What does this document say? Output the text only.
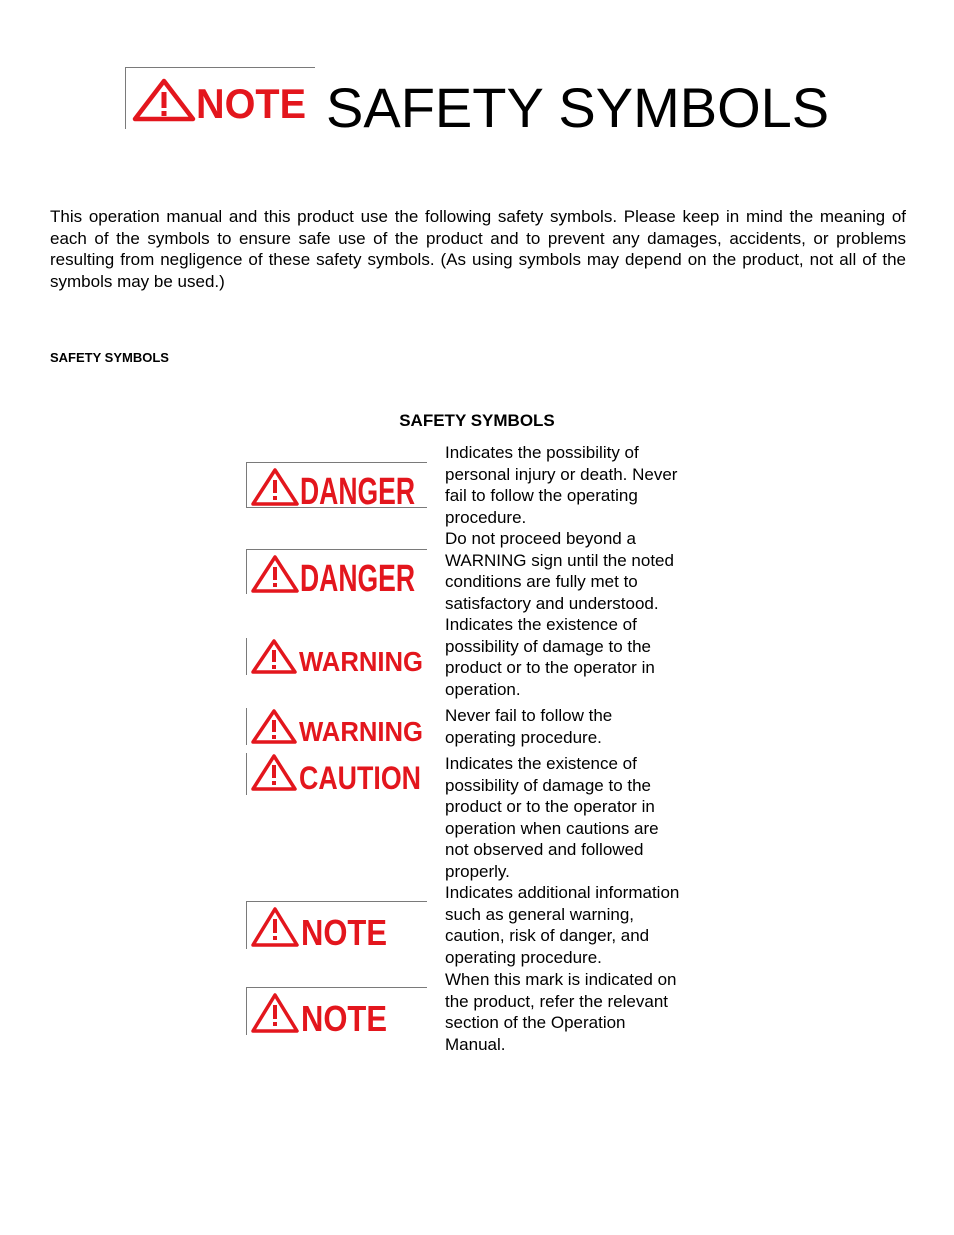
NOTE SAFETY SYMBOLS
This operation manual and this product use the following safety symbols. Please keep in mind the meaning of each of the symbols to ensure safe use of the product and to prevent any damages, accidents, or problems resulting from negligence of these safety symbols. (As using symbols may depend on the product, not all of the symbols may be used.)
SAFETY SYMBOLS
SAFETY SYMBOLS
DANGER
Indicates the possibility of
personal injury or death. Never
fail to follow the operating
procedure.
DANGER
Do not proceed beyond a
WARNING sign until the noted
conditions are fully met to
satisfactory and understood.
WARNING
Indicates the existence of
possibility of damage to the
product or to the operator in
operation.
WARNING
Never fail to follow the
operating procedure.
CAUTION Indicates the existence of
possibility of damage to the
product or to the operator in
operation when cautions are
not observed and followed
properly.
NOTE
Indicates additional information
such as general warning,
caution, risk of danger, and
operating procedure.
NOTE
When this mark is indicated on
the product, refer the relevant
section of the Operation
Manual.
